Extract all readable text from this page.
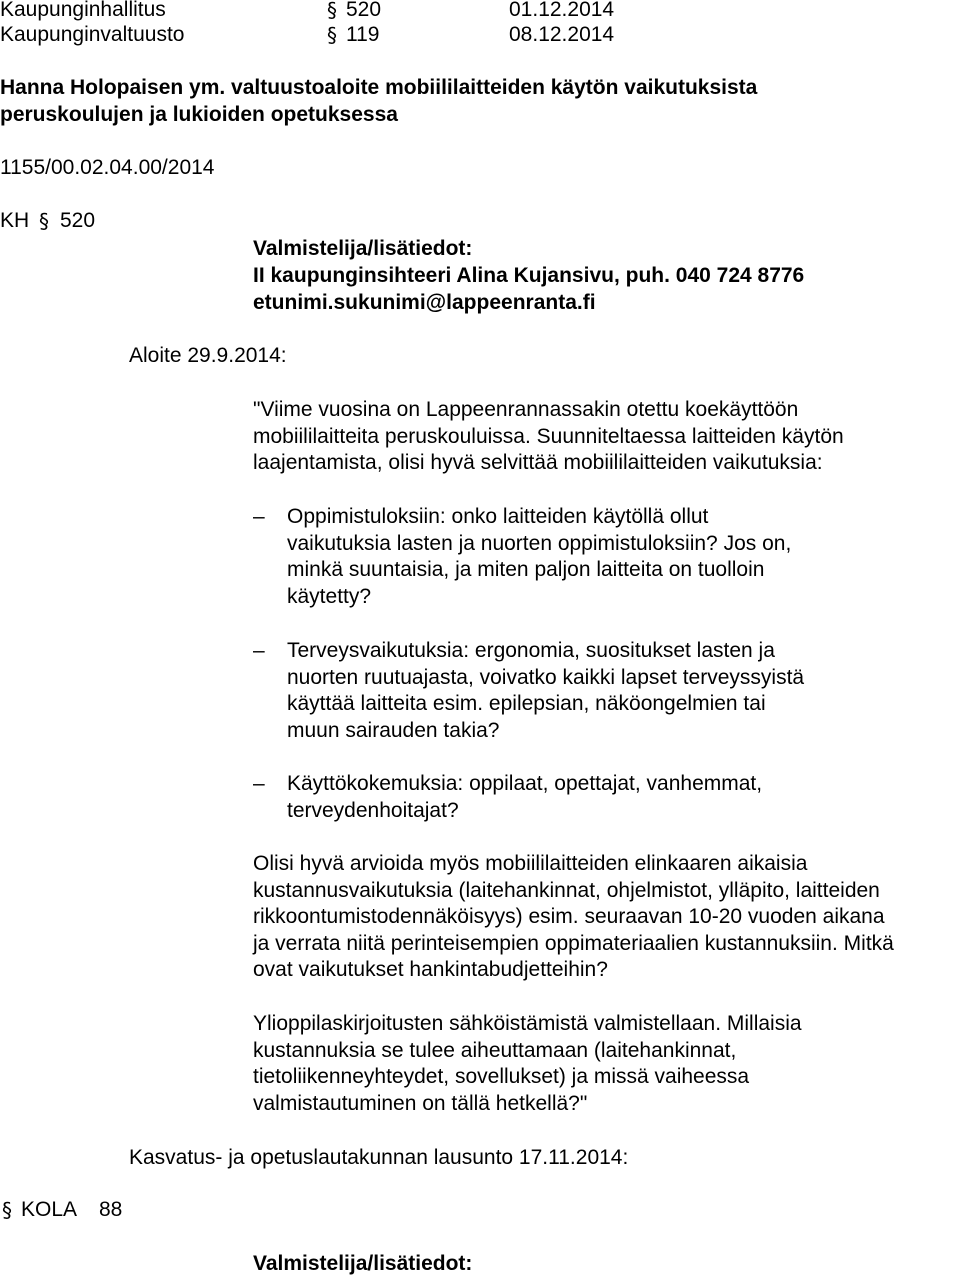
Kaupunginhallitus	§ 520	01.12.2014
Kaupunginvaltuusto	§ 119	08.12.2014
Hanna Holopaisen ym. valtuustoaloite mobiililaitteiden käytön vaikutuksista
peruskoulujen ja lukioiden opetuksessa
1155/00.02.04.00/2014
KH § 520
Valmistelija/lisätiedot:
II kaupunginsihteeri Alina Kujansivu, puh. 040 724 8776
etunimi.sukunimi@lappeenranta.fi
Aloite 29.9.2014:
"Viime vuosina on Lappeenrannassakin otettu koekäyttöön
mobiililaitteita peruskouluissa. Suunniteltaessa laitteiden käytön
laajentamista, olisi hyvä selvittää mobiililaitteiden vaikutuksia:
– Oppimistuloksiin: onko laitteiden käytöllä ollut
vaikutuksia lasten ja nuorten oppimistuloksiin? Jos on,
minkä suuntaisia, ja miten paljon laitteita on tuolloin
käytetty?
– Terveysvaikutuksia: ergonomia, suositukset lasten ja
nuorten ruutuajasta, voivatko kaikki lapset terveyssyistä
käyttää laitteita esim. epilepsian, näköongelmien tai
muun sairauden takia?
– Käyttökokemuksia: oppilaat, opettajat, vanhemmat,
terveydenhoitajat?
Olisi hyvä arvioida myös mobiililaitteiden elinkaaren aikaisia
kustannusvaikutuksia (laitehankinnat, ohjelmistot, ylläpito, laitteiden
rikkoontumistodennäköisyys) esim. seuraavan 10-20 vuoden aikana
ja verrata niitä perinteisempien oppimateriaalien kustannuksiin. Mitkä
ovat vaikutukset hankintabudjetteihin?
Ylioppilaskirjoitusten sähköistämistä valmistellaan. Millaisia
kustannuksia se tulee aiheuttamaan (laitehankinnat,
tietoliikenneyhteydet, sovellukset) ja missä vaiheessa
valmistautuminen on tällä hetkellä?"
Kasvatus- ja opetuslautakunnan lausunto 17.11.2014:
§ KOLA 88
Valmistelija/lisätiedot:
